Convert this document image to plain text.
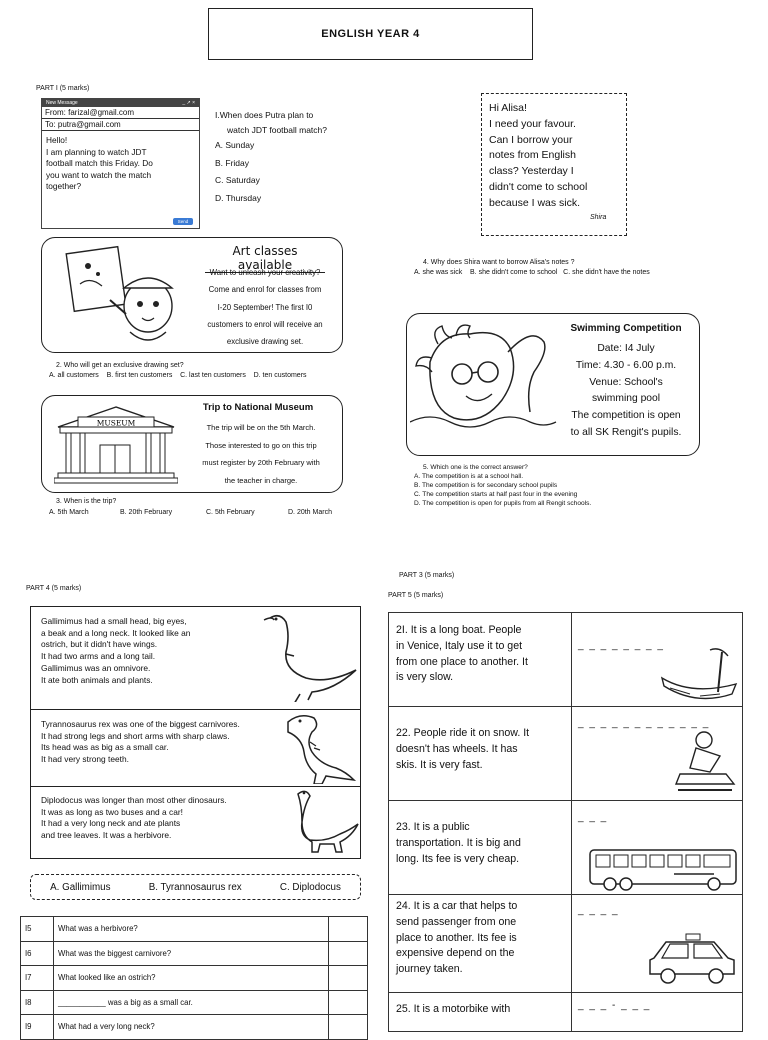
ENGLISH YEAR 4
PART I (5 marks)
New Message	_ ↗ ×
From: farizal@gmail.com
To: putra@gmail.com
Hello!
I am planning to watch JDT
football match this Friday. Do
you want to watch the match
together?
Send
I.When does Putra plan to
watch JDT football match?
A. Sunday
B. Friday
C. Saturday
D. Thursday
Art classes available
Want to unleash your creativity?
Come and enrol for classes from
I-20 September! The first I0
customers to enrol will receive an
exclusive drawing set.
2. Who will get an exclusive drawing set?
A. all customers    B. first ten customers    C. last ten customers    D. ten customers
MUSEUM
Trip to National Museum
The trip will be on the 5th March.
Those interested to go on this trip
must register by 20th February with
the teacher in charge.
3. When is the trip?
A. 5th March	B. 20th February	C. 5th February	D. 20th March
Hi Alisa!
I need your favour.
Can I borrow your
notes from English
class? Yesterday I
didn't come to school
because I was sick.
Shira
4. Why does Shira want to borrow Alisa's notes ?
A. she was sick    B. she didn't come to school   C. she didn't have the notes
Swimming Competition
Date: I4 July
Time: 4.30 - 6.00 p.m.
Venue: School's
swimming pool
The competition is open
to all SK Rengit's pupils.
5. Which one is the correct answer?
A. The competition is at a school hall.
B. The competition is for secondary school pupils
C. The competition starts at half past four in the evening
D. The competition is open for pupils from all Rengit schools.
PART 3 (5 marks)
PART 4 (5 marks)
PART 5 (5 marks)
Gallimimus had a small head, big eyes,
a beak and a long neck. It looked like an
ostrich, but it didn't have wings.
It had two arms and a long tail.
Gallimimus was an omnivore.
It ate both animals and plants.
Tyrannosaurus rex was one of the biggest carnivores.
It had strong legs and short arms with sharp claws.
Its head was as big as a small car.
It had very strong teeth.
Diplodocus was longer than most other dinosaurs.
It was as long as two buses and a car!
It had a very long neck and ate plants
and tree leaves. It was a herbivore.
A. Gallimimus	B. Tyrannosaurus rex	C. Diplodocus
I5	What was a herbivore?	
I6	What was the biggest carnivore?	
I7	What looked like an ostrich?	
I8	___________ was a big as a small car.	
I9	What had a very long neck?	
2I. It is a long boat. People
in Venice, Italy use it to get
from one place to another. It
is very slow.
_ _ _ _ _ _ _ _
22. People ride it on snow. It
doesn't has wheels. It has
skis. It is very fast.
_ _ _ _ _ _ _ _ _ _ _ _
23. It is a public
transportation. It is big and
long. Its fee is very cheap.
_ _ _
24. It is a car that helps to
send passenger from one
place to another. Its fee is
expensive depend on the
journey taken.
_ _ _ _
25. It is a motorbike with	_ _ _ - _ _ _
